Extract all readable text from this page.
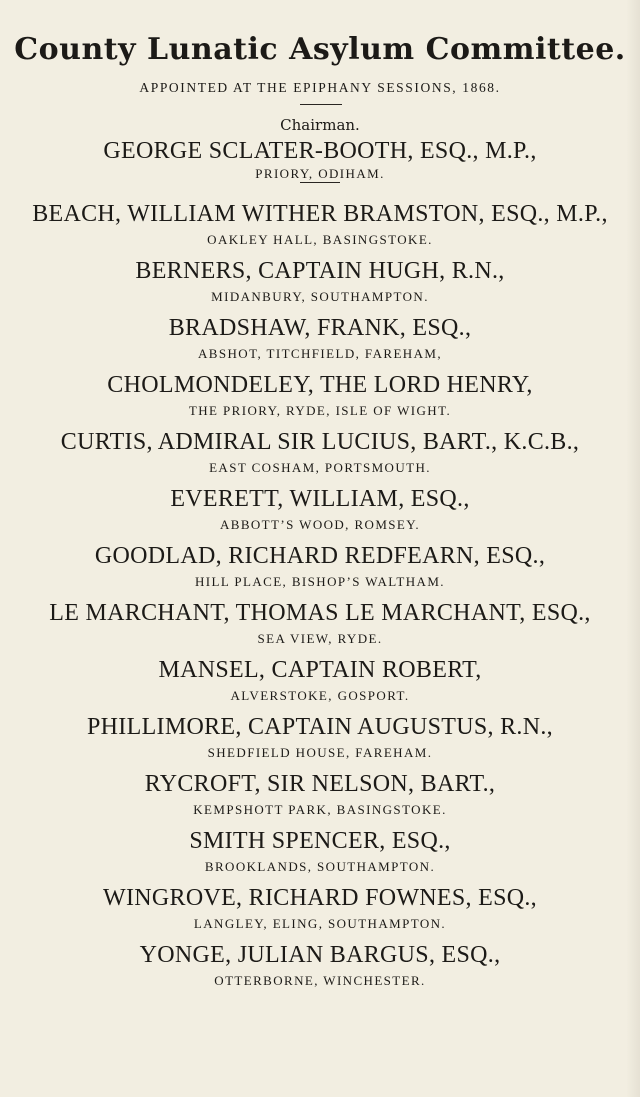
County Lunatic Asylum Committee.
APPOINTED AT THE EPIPHANY SESSIONS, 1868.
Chairman.
GEORGE SCLATER-BOOTH, ESQ., M.P.,
PRIORY, ODIHAM.
BEACH, WILLIAM WITHER BRAMSTON, ESQ., M.P.,
OAKLEY HALL, BASINGSTOKE.
BERNERS, CAPTAIN HUGH, R.N.,
MIDANBURY, SOUTHAMPTON.
BRADSHAW, FRANK, ESQ.,
ABSHOT, TITCHFIELD, FAREHAM,
CHOLMONDELEY, THE LORD HENRY,
THE PRIORY, RYDE, ISLE OF WIGHT.
CURTIS, ADMIRAL SIR LUCIUS, BART., K.C.B.,
EAST COSHAM, PORTSMOUTH.
EVERETT, WILLIAM, ESQ.,
ABBOTT’S WOOD, ROMSEY.
GOODLAD, RICHARD REDFEARN, ESQ.,
HILL PLACE, BISHOP’S WALTHAM.
LE MARCHANT, THOMAS LE MARCHANT, ESQ.,
SEA VIEW, RYDE.
MANSEL, CAPTAIN ROBERT,
ALVERSTOKE, GOSPORT.
PHILLIMORE, CAPTAIN AUGUSTUS, R.N.,
SHEDFIELD HOUSE, FAREHAM.
RYCROFT, SIR NELSON, BART.,
KEMPSHOTT PARK, BASINGSTOKE.
SMITH SPENCER, ESQ.,
BROOKLANDS, SOUTHAMPTON.
WINGROVE, RICHARD FOWNES, ESQ.,
LANGLEY, ELING, SOUTHAMPTON.
YONGE, JULIAN BARGUS, ESQ.,
OTTERBORNE, WINCHESTER.
